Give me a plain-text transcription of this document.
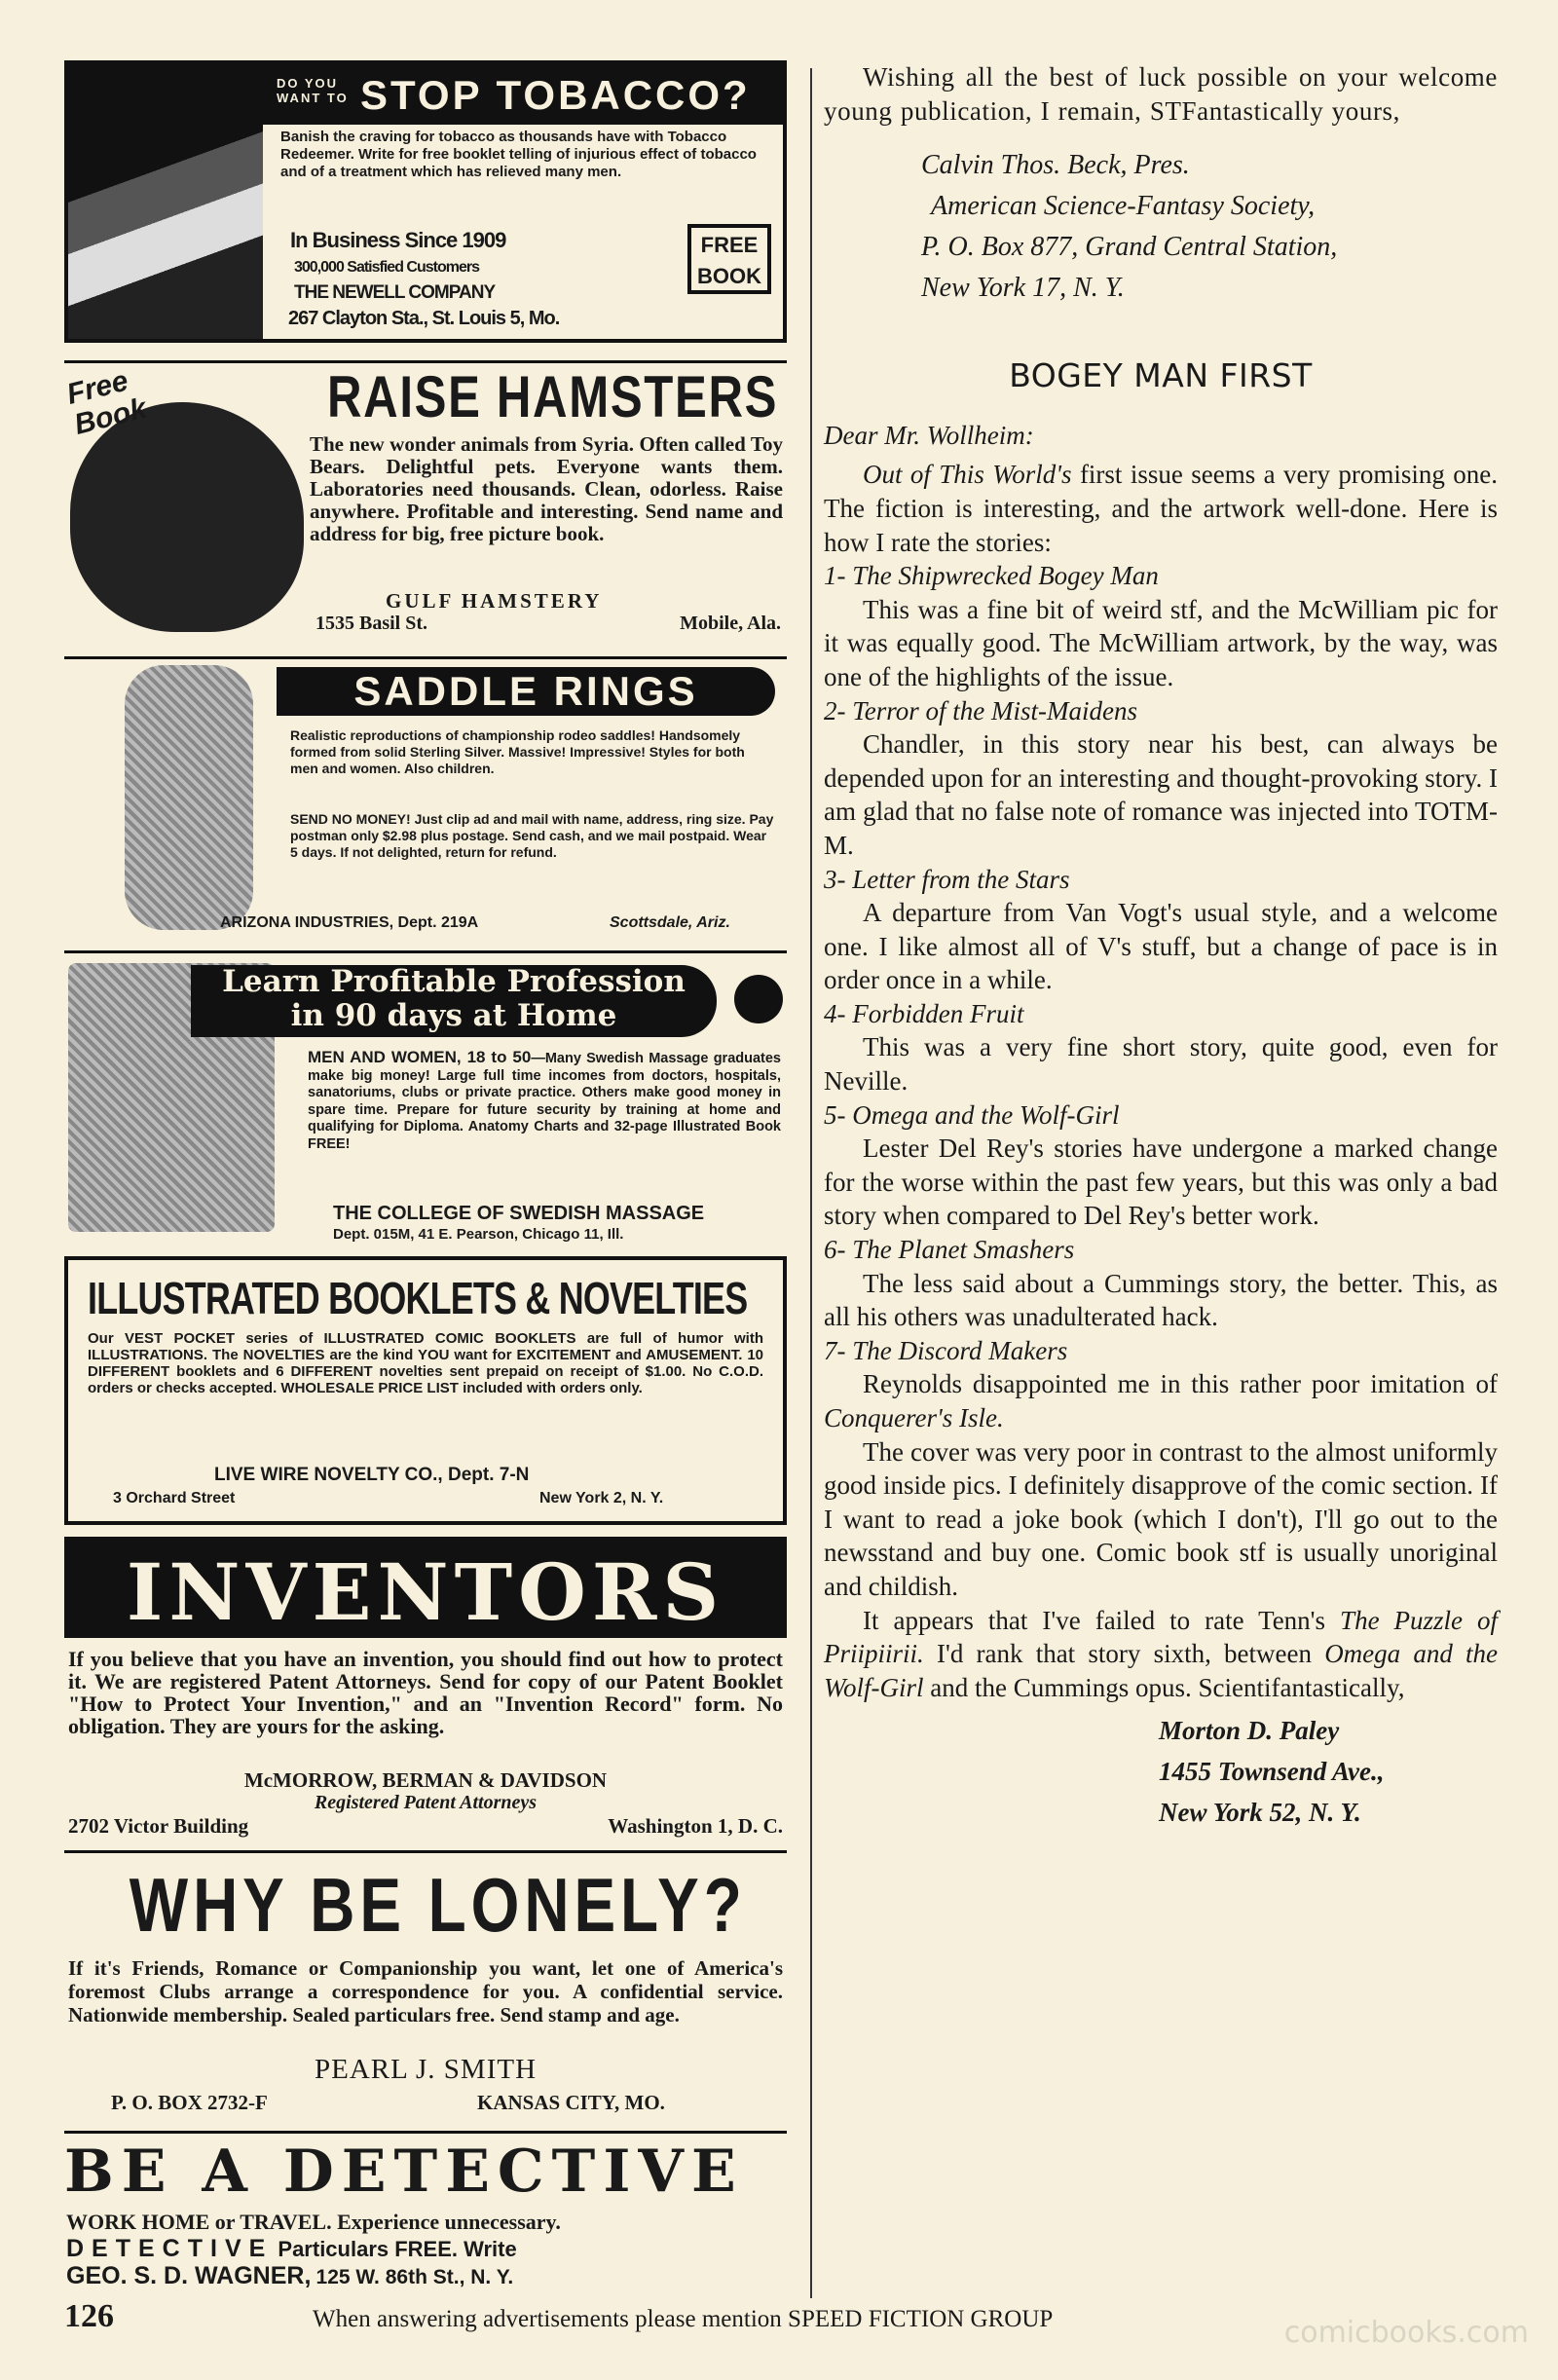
DO YOU
WANT TO STOP TOBACCO?
Banish the craving for tobacco as thousands have with Tobacco Redeemer. Write for free booklet telling of injurious effect of tobacco and of a treatment which has relieved many men.
In Business Since 1909
300,000 Satisfied Customers
THE NEWELL COMPANY
267 Clayton Sta., St. Louis 5, Mo.
FREE BOOK
Free Book	RAISE HAMSTERS
The new wonder animals from Syria. Often called Toy Bears. Delightful pets. Everyone wants them. Laboratories need thousands. Clean, odorless. Raise anywhere. Profitable and interesting. Send name and address for big, free picture book.
GULF HAMSTERY
1535 Basil St.	Mobile, Ala.
SADDLE RINGS
Realistic reproductions of championship rodeo saddles! Handsomely formed from solid Sterling Silver. Massive! Impressive! Styles for both men and women. Also children.
SEND NO MONEY! Just clip ad and mail with name, address, ring size. Pay postman only $2.98 plus postage. Send cash, and we mail postpaid. Wear 5 days. If not delighted, return for refund.
ARIZONA INDUSTRIES, Dept. 219A	Scottsdale, Ariz.
Learn Profitable Profession
in 90 days at Home
MEN AND WOMEN, 18 to 50—Many Swedish Massage graduates make big money! Large full time incomes from doctors, hospitals, sanatoriums, clubs or private practice. Others make good money in spare time. Prepare for future security by training at home and qualifying for Diploma. Anatomy Charts and 32-page Illustrated Book FREE!
THE COLLEGE OF SWEDISH MASSAGE
Dept. 015M, 41 E. Pearson, Chicago 11, Ill.
ILLUSTRATED BOOKLETS & NOVELTIES
Our VEST POCKET series of ILLUSTRATED COMIC BOOKLETS are full of humor with ILLUSTRATIONS. The NOVELTIES are the kind YOU want for EXCITEMENT and AMUSEMENT. 10 DIFFERENT booklets and 6 DIFFERENT novelties sent prepaid on receipt of $1.00. No C.O.D. orders or checks accepted. WHOLESALE PRICE LIST included with orders only.
LIVE WIRE NOVELTY CO., Dept. 7-N
3 Orchard Street	New York 2, N. Y.
INVENTORS
If you believe that you have an invention, you should find out how to protect it. We are registered Patent Attorneys. Send for copy of our Patent Booklet "How to Protect Your Invention," and an "Invention Record" form. No obligation. They are yours for the asking.
McMORROW, BERMAN & DAVIDSON
Registered Patent Attorneys
2702 Victor Building	Washington 1, D. C.
WHY BE LONELY?
If it's Friends, Romance or Companionship you want, let one of America's foremost Clubs arrange a correspondence for you. A confidential service. Nationwide membership. Sealed particulars free. Send stamp and age.
PEARL J. SMITH
P. O. BOX 2732-F	KANSAS CITY, MO.
BE A DETECTIVE
WORK HOME or TRAVEL. Experience unnecessary.
DETECTIVE Particulars FREE. Write
GEO. S. D. WAGNER, 125 W. 86th St., N. Y.

Wishing all the best of luck possible on your welcome young publication, I remain, STFantastically yours,

Calvin Thos. Beck, Pres.
American Science-Fantasy Society,
P. O. Box 877, Grand Central Station,
New York 17, N. Y.
BOGEY MAN FIRST

Dear Mr. Wollheim:

Out of This World's first issue seems a very promising one. The fiction is interesting, and the artwork well-done. Here is how I rate the stories:

1- The Shipwrecked Bogey Man

This was a fine bit of weird stf, and the McWilliam pic for it was equally good. The McWilliam artwork, by the way, was one of the highlights of the issue.

2- Terror of the Mist-Maidens

Chandler, in this story near his best, can always be depended upon for an interesting and thought-provoking story. I am glad that no false note of romance was injected into TOTM-M.

3- Letter from the Stars

A departure from Van Vogt's usual style, and a welcome one. I like almost all of V's stuff, but a change of pace is in order once in a while.

4- Forbidden Fruit

This was a very fine short story, quite good, even for Neville.

5- Omega and the Wolf-Girl

Lester Del Rey's stories have undergone a marked change for the worse within the past few years, but this was only a bad story when compared to Del Rey's better work.

6- The Planet Smashers

The less said about a Cummings story, the better. This, as all his others was unadulterated hack.

7- The Discord Makers

Reynolds disappointed me in this rather poor imitation of Conquerer's Isle.

The cover was very poor in contrast to the almost uniformly good inside pics. I definitely disapprove of the comic section. If I want to read a joke book (which I don't), I'll go out to the newsstand and buy one. Comic book stf is usually unoriginal and childish.

It appears that I've failed to rate Tenn's The Puzzle of Priipiirii. I'd rank that story sixth, between Omega and the Wolf-Girl and the Cummings opus. Scientifantastically,

Morton D. Paley
1455 Townsend Ave.,
New York 52, N. Y.
126	When answering advertisements please mention SPEED FICTION GROUP	comicbooks.com
